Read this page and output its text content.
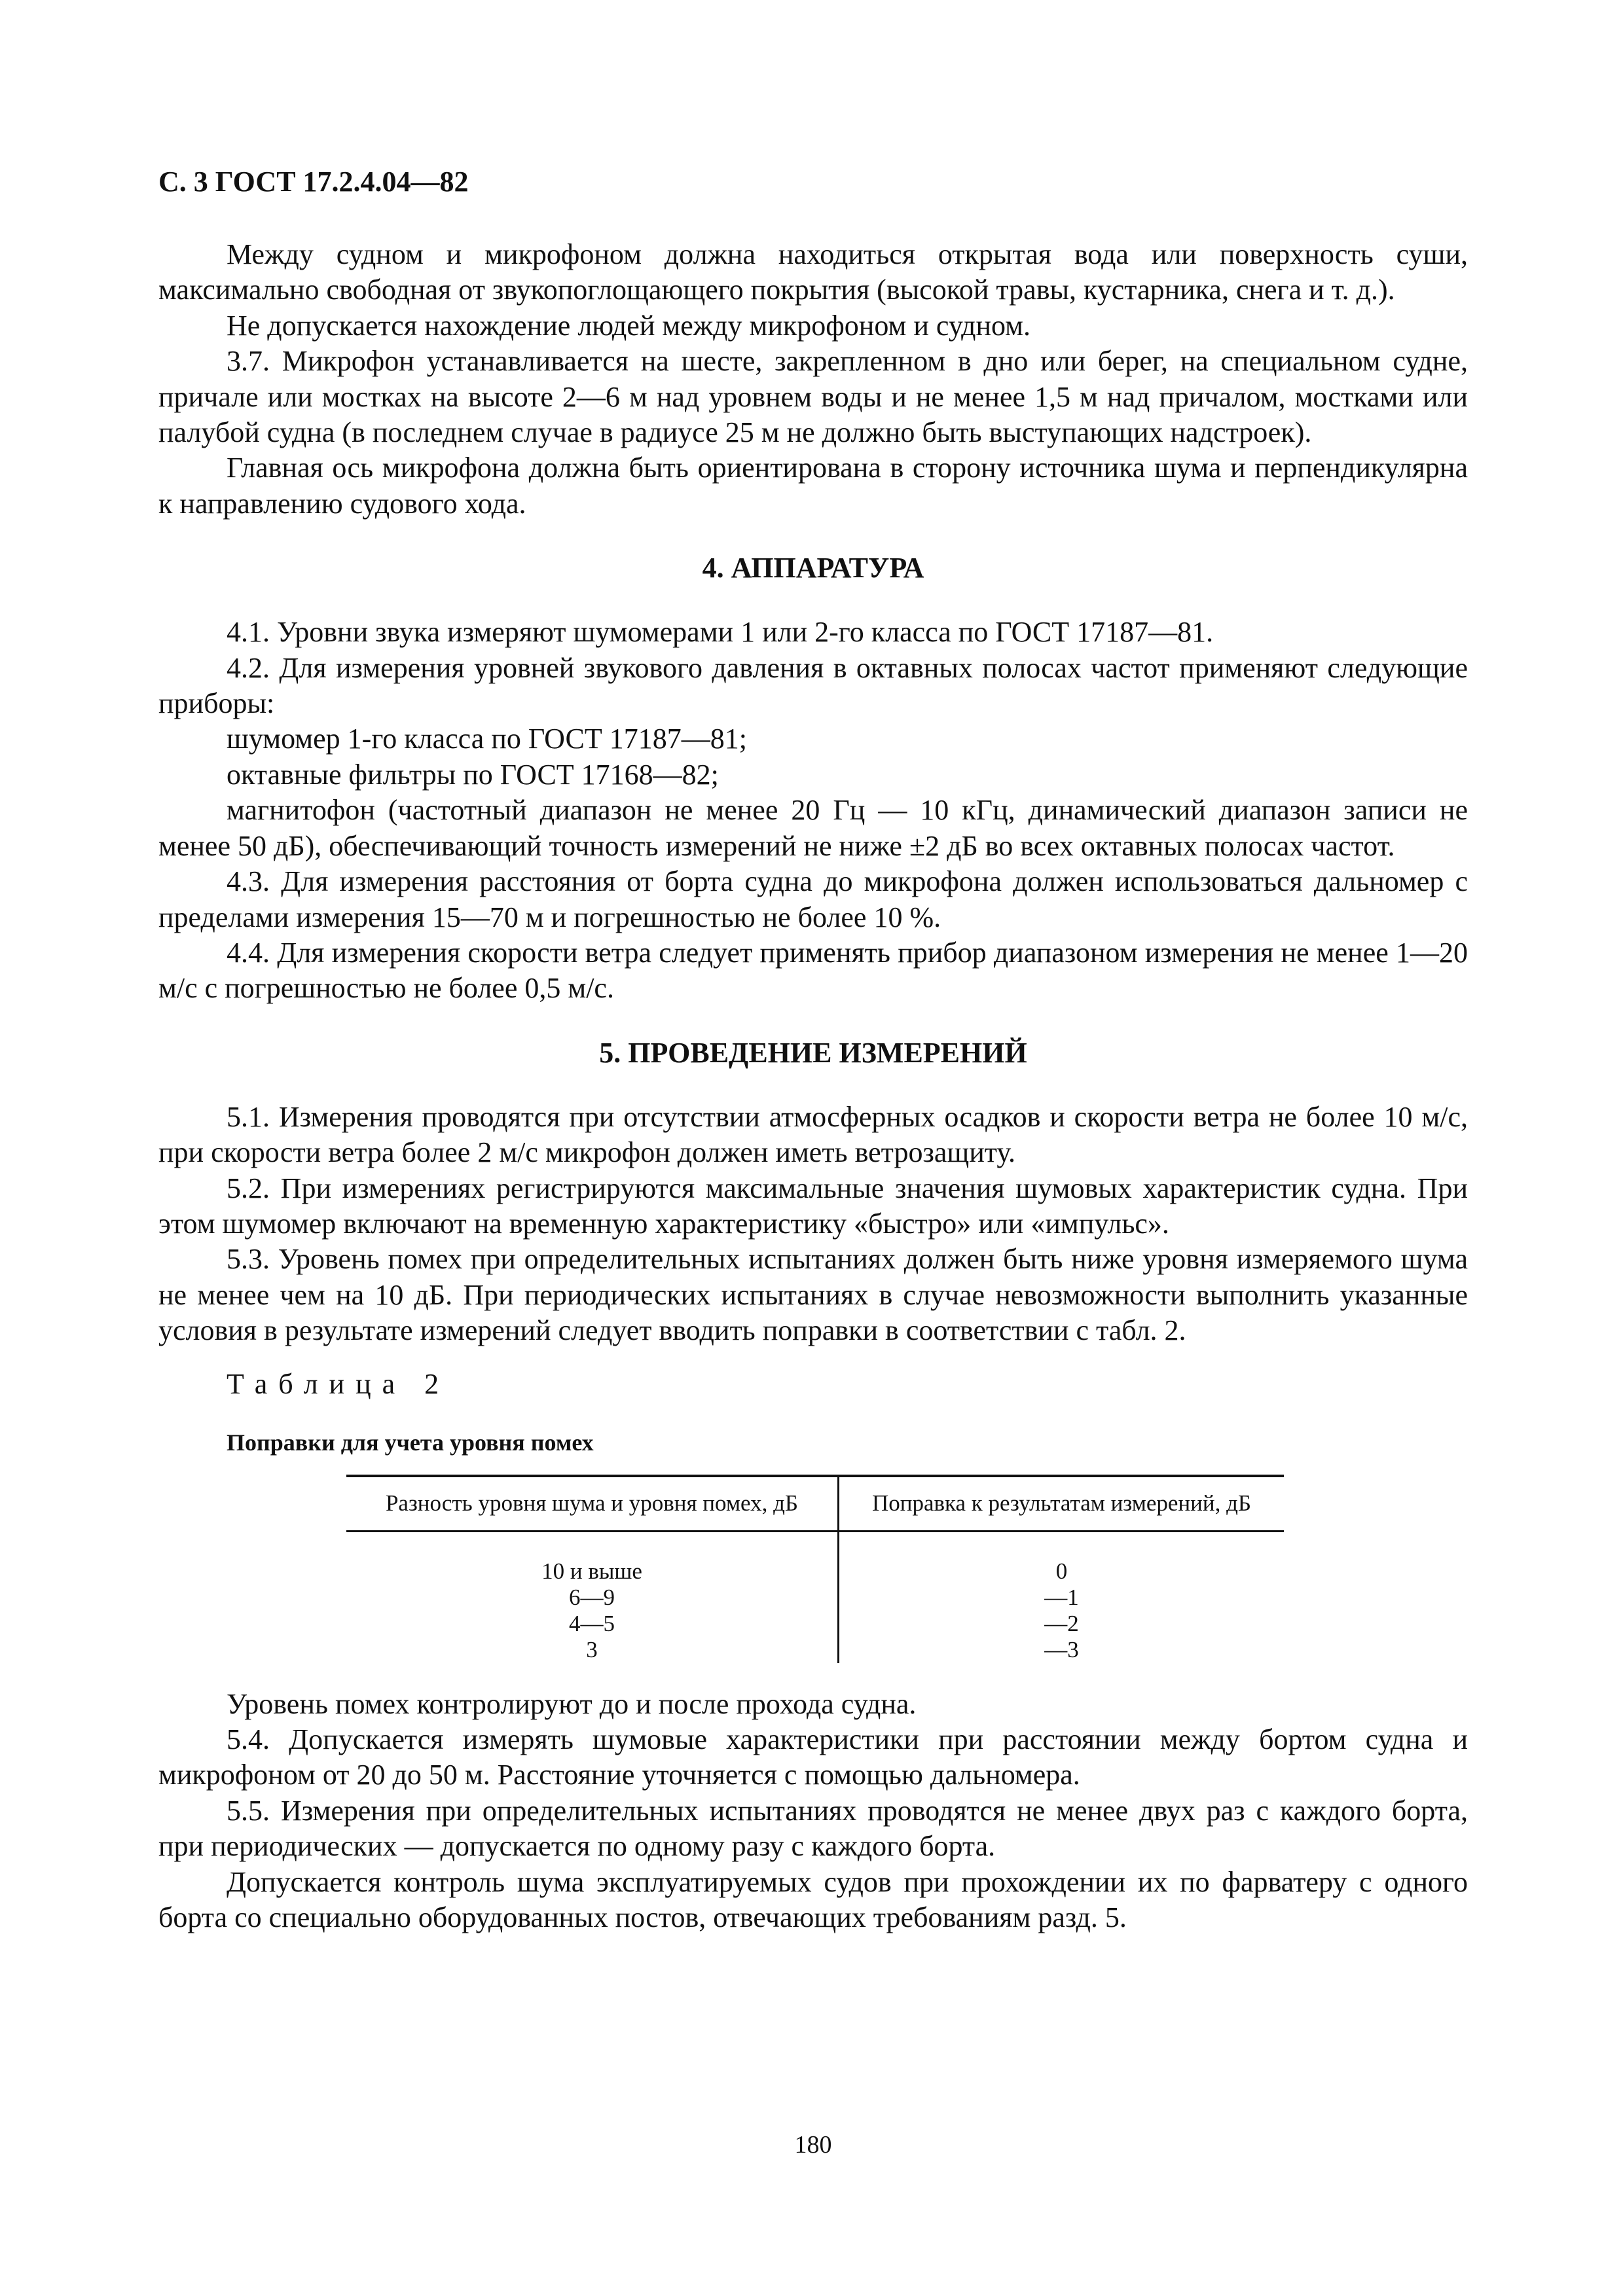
С. 3 ГОСТ 17.2.4.04—82

Между судном и микрофоном должна находиться открытая вода или поверхность суши, максимально свободная от звукопоглощающего покрытия (высокой травы, кустарника, снега и т. д.).

Не допускается нахождение людей между микрофоном и судном.

3.7. Микрофон устанавливается на шесте, закрепленном в дно или берег, на специальном судне, причале или мостках на высоте 2—6 м над уровнем воды и не менее 1,5 м над причалом, мостками или палубой судна (в последнем случае в радиусе 25 м не должно быть выступающих надстроек).

Главная ось микрофона должна быть ориентирована в сторону источника шума и перпендикулярна к направлению судового хода.

4. АППАРАТУРА

4.1. Уровни звука измеряют шумомерами 1 или 2-го класса по ГОСТ 17187—81.

4.2. Для измерения уровней звукового давления в октавных полосах частот применяют следующие приборы:

шумомер 1-го класса по ГОСТ 17187—81;

октавные фильтры по ГОСТ 17168—82;

магнитофон (частотный диапазон не менее 20 Гц — 10 кГц, динамический диапазон записи не менее 50 дБ), обеспечивающий точность измерений не ниже ±2 дБ во всех октавных полосах частот.

4.3. Для измерения расстояния от борта судна до микрофона должен использоваться дальномер с пределами измерения 15—70 м и погрешностью не более 10 %.

4.4. Для измерения скорости ветра следует применять прибор диапазоном измерения не менее 1—20 м/с с погрешностью не более 0,5 м/с.

5. ПРОВЕДЕНИЕ ИЗМЕРЕНИЙ

5.1. Измерения проводятся при отсутствии атмосферных осадков и скорости ветра не более 10 м/с, при скорости ветра более 2 м/с микрофон должен иметь ветрозащиту.

5.2. При измерениях регистрируются максимальные значения шумовых характеристик судна. При этом шумомер включают на временную характеристику «быстро» или «импульс».

5.3. Уровень помех при определительных испытаниях должен быть ниже уровня измеряемого шума не менее чем на 10 дБ. При периодических испытаниях в случае невозможности выполнить указанные условия в результате измерений следует вводить поправки в соответствии с табл. 2.

Таблица 2

Поправки для учета уровня помех

Разность уровня шума и уровня помех, дБ	Поправка к результатам измерений, дБ
10 и выше	0
6—9	—1
4—5	—2
3	—3

Уровень помех контролируют до и после прохода судна.

5.4. Допускается измерять шумовые характеристики при расстоянии между бортом судна и микрофоном от 20 до 50 м. Расстояние уточняется с помощью дальномера.

5.5. Измерения при определительных испытаниях проводятся не менее двух раз с каждого борта, при периодических — допускается по одному разу с каждого борта.

Допускается контроль шума эксплуатируемых судов при прохождении их по фарватеру с одного борта со специально оборудованных постов, отвечающих требованиям разд. 5.

180
